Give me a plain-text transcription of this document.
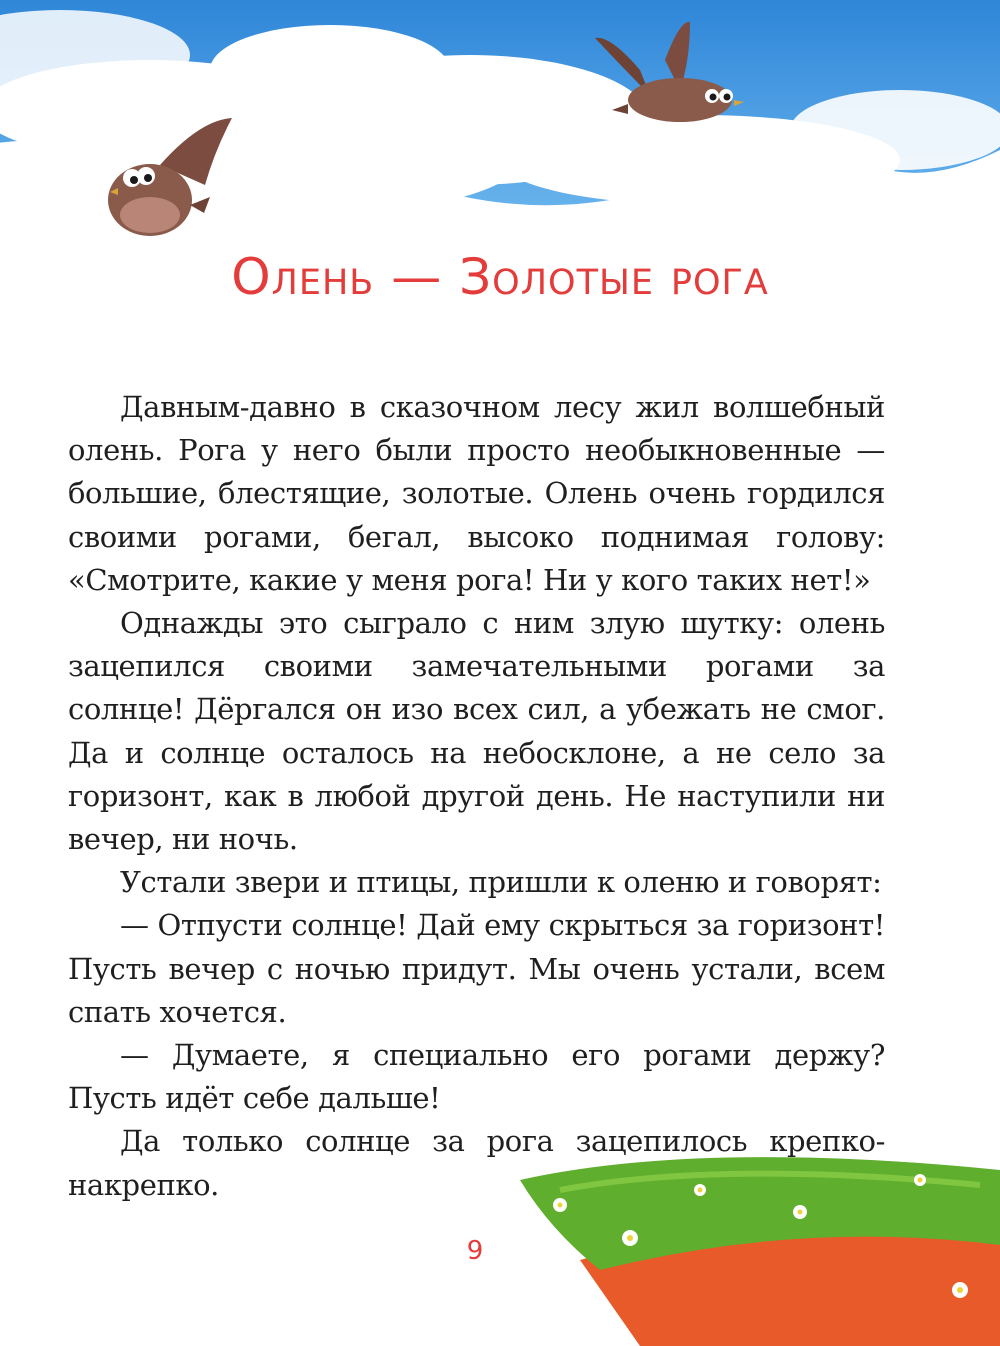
Олень — Золотые рога

Давным-давно в сказочном лесу жил волшебный олень. Рога у него были просто необыкновенные — большие, блестящие, золотые. Олень очень гордился своими рогами, бегал, высоко поднимая голову: «Смотрите, какие у меня рога! Ни у кого таких нет!»

Однажды это сыграло с ним злую шутку: олень зацепился своими замечательными рогами за солнце! Дёргался он изо всех сил, а убежать не смог. Да и солнце осталось на небосклоне, а не село за горизонт, как в любой другой день. Не наступили ни вечер, ни ночь.

Устали звери и птицы, пришли к оленю и говорят:

— Отпусти солнце! Дай ему скрыться за горизонт! Пусть вечер с ночью придут. Мы очень устали, всем спать хочется.

— Думаете, я специально его рогами держу? Пусть идёт себе дальше!

Да только солнце за рога зацепилось крепко-накрепко.

9
